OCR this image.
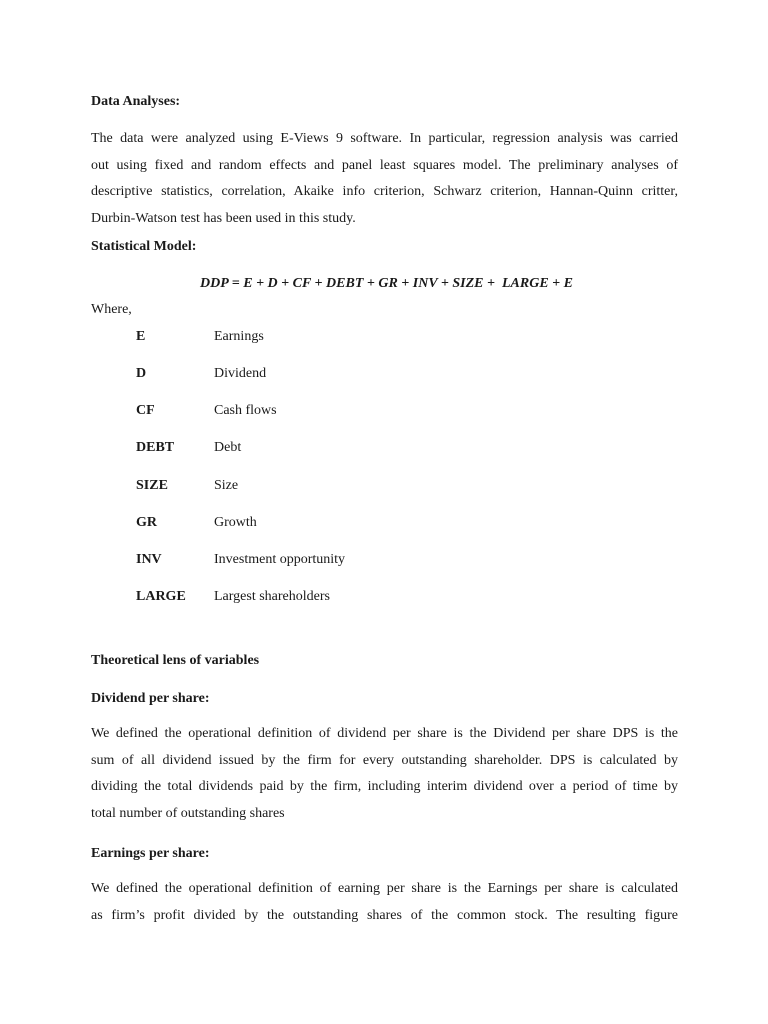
Data Analyses:
The data were analyzed using E-Views 9 software. In particular, regression analysis was carried
out using fixed and random effects and panel least squares model. The preliminary analyses of
descriptive statistics, correlation, Akaike info criterion, Schwarz criterion, Hannan-Quinn critter,
Durbin-Watson test has been used in this study.
Statistical Model:
DDP = E + D + CF + DEBT + GR + INV + SIZE +  LARGE + E
Where,
E	Earnings
D	Dividend
CF	Cash flows
DEBT	Debt
SIZE	Size
GR	Growth
INV	Investment opportunity
LARGE Largest shareholders
Theoretical lens of variables
Dividend per share:
We defined the operational definition of dividend per share is the Dividend per share DPS is the
sum of all dividend issued by the firm for every outstanding shareholder. DPS is calculated by
dividing the total dividends paid by the firm, including interim dividend over a period of time by
total number of outstanding shares
Earnings per share:
We defined the operational definition of earning per share is the Earnings per share is calculated
as firm’s profit divided by the outstanding shares of the common stock. The resulting figure
